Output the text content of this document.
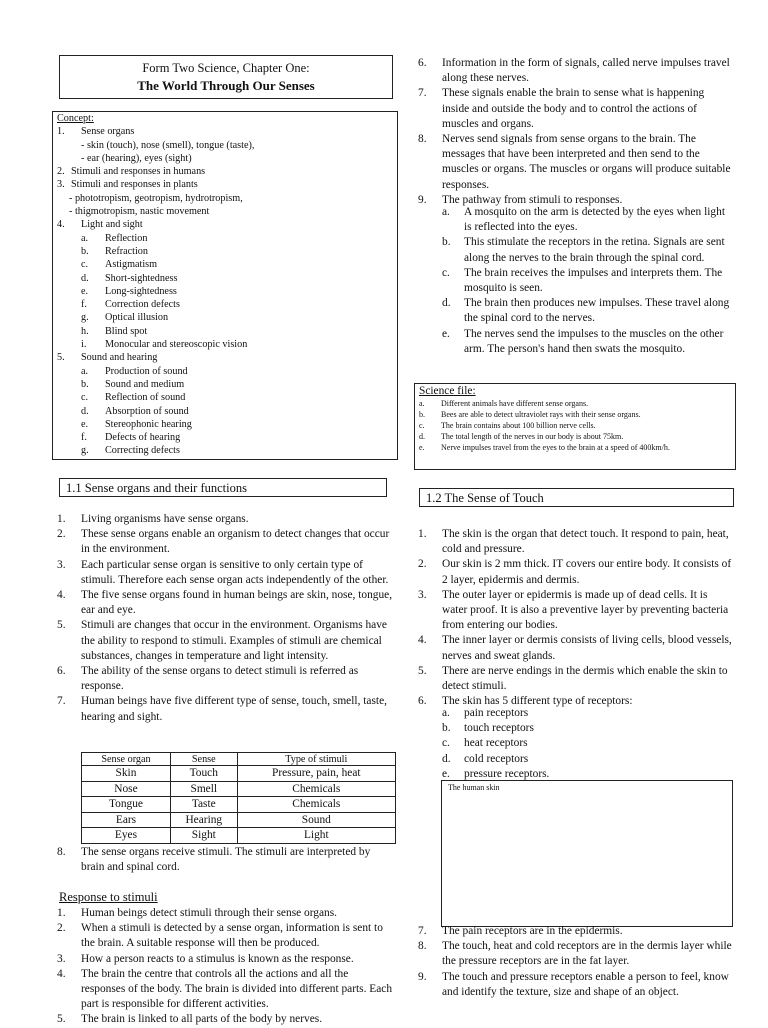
Form Two Science, Chapter One:
The World Through Our Senses
Concept:
1. Sense organs
- skin (touch), nose (smell), tongue (taste),
- ear (hearing), eyes (sight)
2. Stimuli and responses in humans
3. Stimuli and responses in plants
- phototropism, geotropism, hydrotropism,
- thigmotropism, nastic movement
4. Light and sight
a. Reflection
b. Refraction
c. Astigmatism
d. Short-sightedness
e. Long-sightedness
f. Correction defects
g. Optical illusion
h. Blind spot
i. Monocular and stereoscopic vision
5. Sound and hearing
a. Production of sound
b. Sound and medium
c. Reflection of sound
d. Absorption of sound
e. Stereophonic hearing
f. Defects of hearing
g. Correcting defects
1.1 Sense organs and their functions
1. Living organisms have sense organs.
2. These sense organs enable an organism to detect changes that occur in the environment.
3. Each particular sense organ is sensitive to only certain type of stimuli. Therefore each sense organ acts independently of the other.
4. The five sense organs found in human beings are skin, nose, tongue, ear and eye.
5. Stimuli are changes that occur in the environment. Organisms have the ability to respond to stimuli. Examples of stimuli are chemical substances, changes in temperature and light intensity.
6. The ability of the sense organs to detect stimuli is referred as response.
7. Human beings have five different type of sense, touch, smell, taste, hearing and sight.
Sense organ	Sense	Type of stimuli
Skin	Touch	Pressure, pain, heat
Nose	Smell	Chemicals
Tongue	Taste	Chemicals
Ears	Hearing	Sound
Eyes	Sight	Light
8. The sense organs receive stimuli. The stimuli are interpreted by brain and spinal cord.
Response to stimuli
1. Human beings detect stimuli through their sense organs.
2. When a stimuli is detected by a sense organ, information is sent to the brain. A suitable response will then be produced.
3. How a person reacts to a stimulus is known as the response.
4. The brain the centre that controls all the actions and all the responses of the body. The brain is divided into different parts. Each part is responsible for different activities.
5. The brain is linked to all parts of the body by nerves.
6. Information in the form of signals, called nerve impulses travel along these nerves.
7. These signals enable the brain to sense what is happening inside and outside the body and to control the actions of muscles and organs.
8. Nerves send signals from sense organs to the brain. The messages that have been interpreted and then send to the muscles or organs. The muscles or organs will produce suitable responses.
9. The pathway from stimuli to responses.
a. A mosquito on the arm is detected by the eyes when light is reflected into the eyes.
b. This stimulate the receptors in the retina. Signals are sent along the nerves to the brain through the spinal cord.
c. The brain receives the impulses and interprets them. The mosquito is seen.
d. The brain then produces new impulses. These travel along the spinal cord to the nerves.
e. The nerves send the impulses to the muscles on the other arm. The person's hand then swats the mosquito.
Science file:
a. Different animals have different sense organs.
b. Bees are able to detect ultraviolet rays with their sense organs.
c. The brain contains about 100 billion nerve cells.
d. The total length of the nerves in our body is about 75km.
e. Nerve impulses travel from the eyes to the brain at a speed of 400km/h.
1.2 The Sense of Touch
1. The skin is the organ that detect touch. It respond to pain, heat, cold and pressure.
2. Our skin is 2 mm thick. IT covers our entire body. It consists of 2 layer, epidermis and dermis.
3. The outer layer or epidermis is made up of dead cells. It is water proof. It is also a preventive layer by preventing bacteria from entering our bodies.
4. The inner layer or dermis consists of living cells, blood vessels, nerves and sweat glands.
5. There are nerve endings in the dermis which enable the skin to detect stimuli.
6. The skin has 5 different type of receptors:
a. pain receptors
b. touch receptors
c. heat receptors
d. cold receptors
e. pressure receptors.
The human skin
7. The pain receptors are in the epidermis.
8. The touch, heat and cold receptors are in the dermis layer while the pressure receptors are in the fat layer.
9. The touch and pressure receptors enable a person to feel, know and identify the texture, size and shape of an object.
